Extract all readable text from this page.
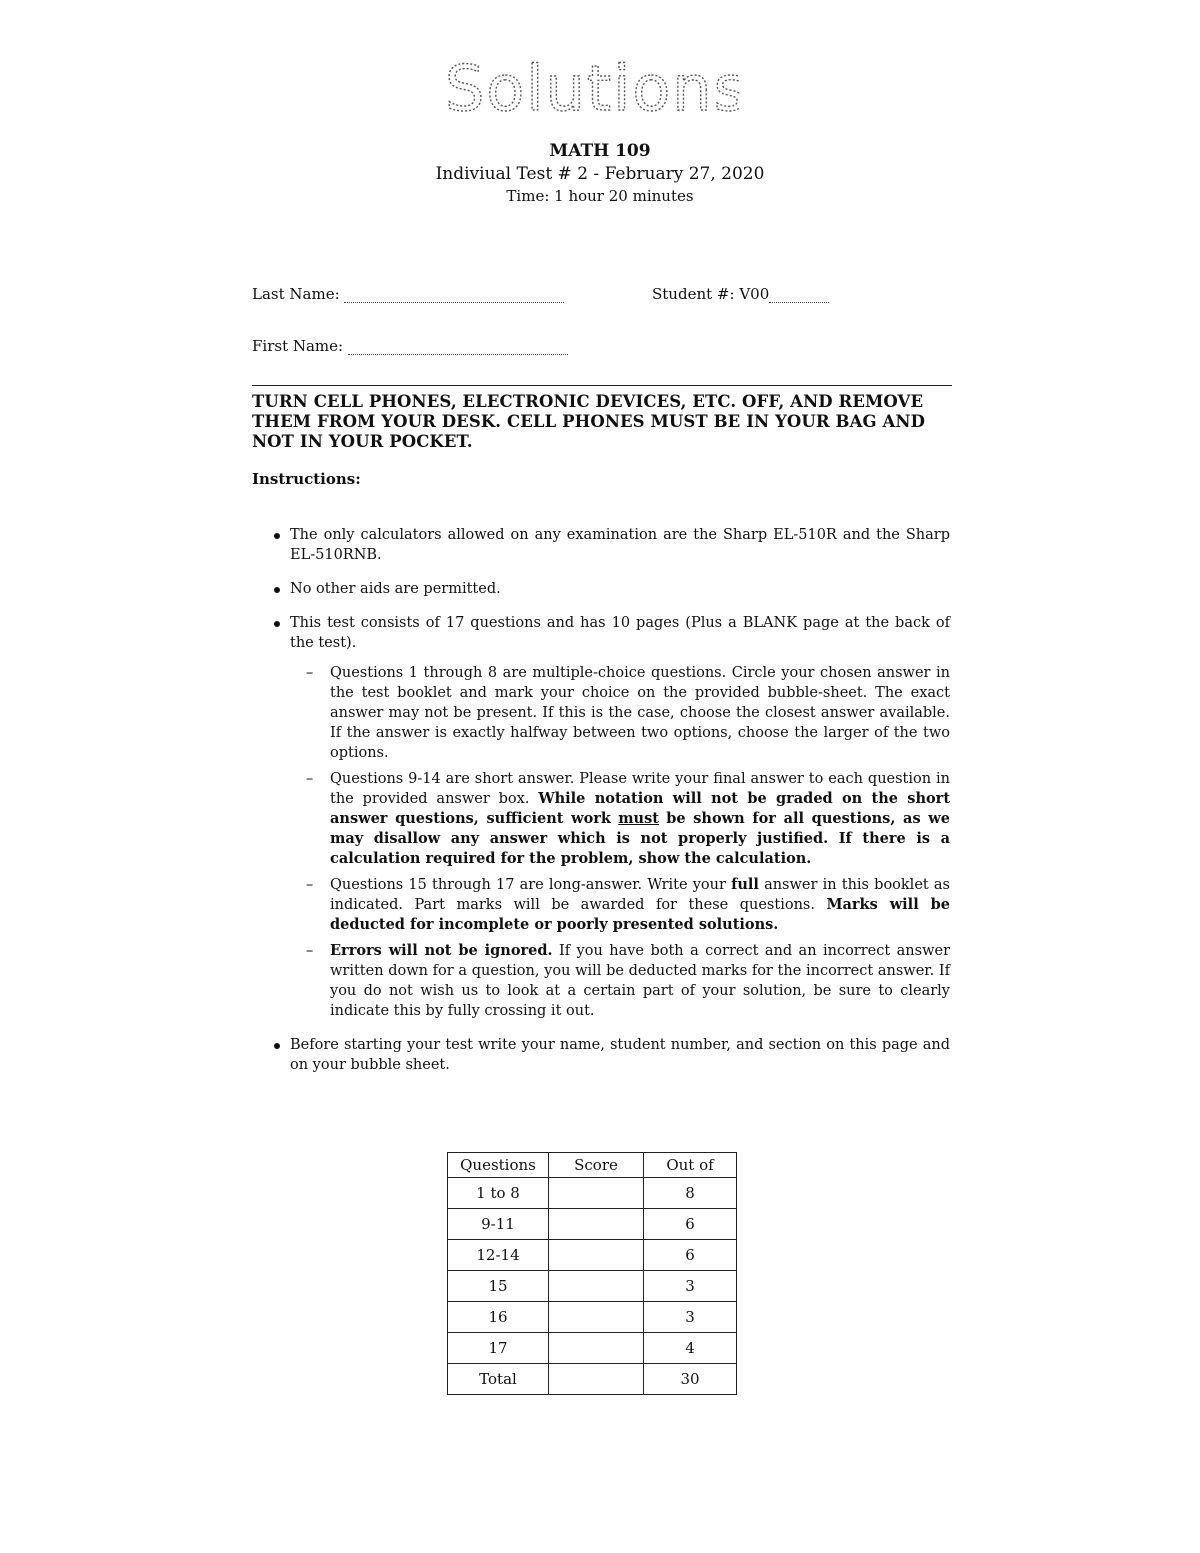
Solutions
MATH 109
Indiviual Test # 2 - February 27, 2020
Time: 1 hour 20 minutes
Last Name:	Student #: V00
First Name:
TURN CELL PHONES, ELECTRONIC DEVICES, ETC. OFF, AND REMOVE THEM FROM YOUR DESK. CELL PHONES MUST BE IN YOUR BAG AND NOT IN YOUR POCKET.
Instructions:
The only calculators allowed on any examination are the Sharp EL-510R and the Sharp EL-510RNB.
No other aids are permitted.
This test consists of 17 questions and has 10 pages (Plus a BLANK page at the back of the test).
– Questions 1 through 8 are multiple-choice questions. Circle your chosen answer in the test booklet and mark your choice on the provided bubble-sheet. The exact answer may not be present. If this is the case, choose the closest answer available. If the answer is exactly halfway between two options, choose the larger of the two options.
– Questions 9-14 are short answer. Please write your final answer to each question in the provided answer box. While notation will not be graded on the short answer questions, sufficient work must be shown for all questions, as we may disallow any answer which is not properly justified. If there is a calculation required for the problem, show the calculation.
– Questions 15 through 17 are long-answer. Write your full answer in this booklet as indicated. Part marks will be awarded for these questions. Marks will be deducted for incomplete or poorly presented solutions.
– Errors will not be ignored. If you have both a correct and an incorrect answer written down for a question, you will be deducted marks for the incorrect answer. If you do not wish us to look at a certain part of your solution, be sure to clearly indicate this by fully crossing it out.
Before starting your test write your name, student number, and section on this page and on your bubble sheet.
Questions	Score	Out of
1 to 8		8
9-11		6
12-14		6
15		3
16		3
17		4
Total		30
